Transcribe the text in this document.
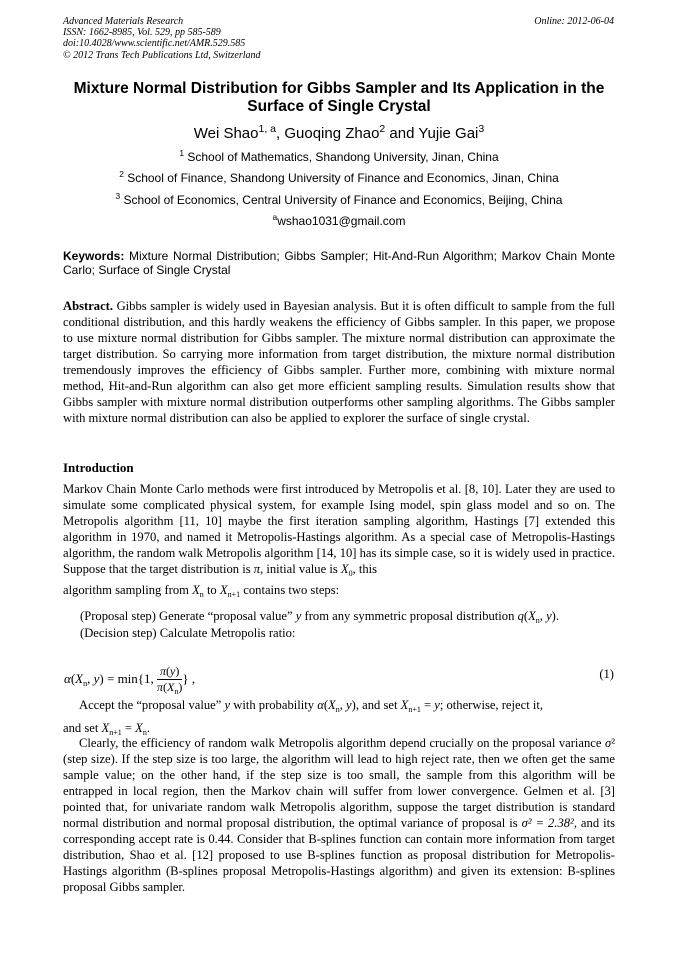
Advanced Materials Research
ISSN: 1662-8985, Vol. 529, pp 585-589
doi:10.4028/www.scientific.net/AMR.529.585
© 2012 Trans Tech Publications Ltd, Switzerland
Online: 2012-06-04
Mixture Normal Distribution for Gibbs Sampler and Its Application in the Surface of Single Crystal
Wei Shao$^{1, a}$, Guoqing Zhao$^2$ and Yujie Gai$^3$
$^1$ School of Mathematics, Shandong University, Jinan, China
$^2$ School of Finance, Shandong University of Finance and Economics, Jinan, China
$^3$ School of Economics, Central University of Finance and Economics, Beijing, China
$^a$wshao1031@gmail.com
Keywords: Mixture Normal Distribution; Gibbs Sampler; Hit-And-Run Algorithm; Markov Chain Monte Carlo; Surface of Single Crystal
Abstract. Gibbs sampler is widely used in Bayesian analysis. But it is often difficult to sample from the full conditional distribution, and this hardly weakens the efficiency of Gibbs sampler. In this paper, we propose to use mixture normal distribution for Gibbs sampler. The mixture normal distribution can approximate the target distribution. So carrying more information from target distribution, the mixture normal distribution tremendously improves the efficiency of Gibbs sampler. Further more, combining with mixture normal method, Hit-and-Run algorithm can also get more efficient sampling results. Simulation results show that Gibbs sampler with mixture normal distribution outperforms other sampling algorithms. The Gibbs sampler with mixture normal distribution can also be applied to explorer the surface of single crystal.
Introduction
Markov Chain Monte Carlo methods were first introduced by Metropolis et al. [8, 10]. Later they are used to simulate some complicated physical system, for example Ising model, spin glass model and so on. The Metropolis algorithm [11, 10] maybe the first iteration sampling algorithm, Hastings [7] extended this algorithm in 1970, and named it Metropolis-Hastings algorithm. As a special case of Metropolis-Hastings algorithm, the random walk Metropolis algorithm [14, 10] has its simple case, so it is widely used in practice. Suppose that the target distribution is π, initial value is $X_0$, this
algorithm sampling from $X_n$ to $X_{n+1}$ contains two steps:
(Proposal step) Generate “proposal value” y from any symmetric proposal distribution $q(X_n$, y).
(Decision step) Calculate Metropolis ratio:
$\alpha(X_n$, y) = min{1, $\frac{\pi(y)}{\pi(X_n)}$ } ,	(1)
Accept the “proposal value” y with probability $\alpha(X_n$, y), and set $X_{n+1} = y$; otherwise, reject it,
and set $X_{n+1} = X_n$.
Clearly, the efficiency of random walk Metropolis algorithm depend crucially on the proposal variance σ² (step size). If the step size is too large, the algorithm will lead to high reject rate, then we often get the same sample value; on the other hand, if the step size is too small, the sample from this algorithm will be entrapped in local region, then the Markov chain will suffer from lower convergence. Gelmen et al. [3] pointed that, for univariate random walk Metropolis algorithm, suppose the target distribution is standard normal distribution and normal proposal distribution, the optimal variance of proposal is σ² = 2.38², and its corresponding accept rate is 0.44. Consider that B-splines function can contain more information from target distribution, Shao et al. [12] proposed to use B-splines function as proposal distribution for Metropolis-Hastings algorithm (B-splines proposal Metropolis-Hastings algorithm) and given its extension: B-splines proposal Gibbs sampler.
